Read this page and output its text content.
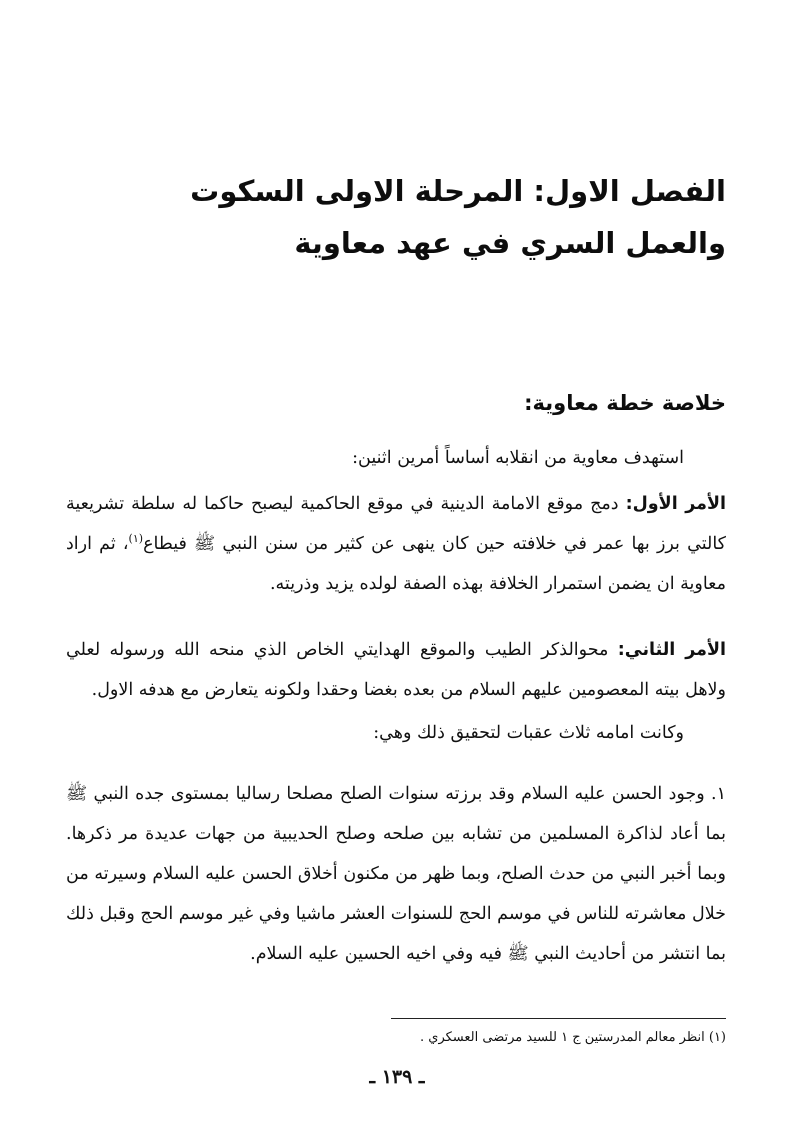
الفصل الاول: المرحلة الاولى السكوت
والعمل السري في عهد معاوية
خلاصة خطة معاوية:

استهدف معاوية من انقلابه أساساً أمرين اثنين:

الأمر الأول: دمج موقع الامامة الدينية في موقع الحاكمية ليصبح حاكما له سلطة تشريعية كالتي برز بها عمر في خلافته حين كان ينهى عن كثير من سنن النبي ﷺ فيطاع$^{(١)}$، ثم اراد معاوية ان يضمن استمرار الخلافة بهذه الصفة لولده يزيد وذريته.

الأمر الثاني: محوالذكر الطيب والموقع الهدايتي الخاص الذي منحه الله ورسوله لعلي ولاهل بيته المعصومين عليهم السلام من بعده بغضا وحقدا ولكونه يتعارض مع هدفه الاول.

وكانت امامه ثلاث عقبات لتحقيق ذلك وهي:

١. وجود الحسن عليه السلام وقد برزته سنوات الصلح مصلحا رساليا بمستوى جده النبي ﷺ بما أعاد لذاكرة المسلمين من تشابه بين صلحه وصلح الحديبية من جهات عديدة مر ذكرها. وبما أخبر النبي من حدث الصلح، وبما ظهر من مكنون أخلاق الحسن عليه السلام وسيرته من خلال معاشرته للناس في موسم الحج للسنوات العشر ماشيا وفي غير موسم الحج وقبل ذلك بما انتشر من أحاديث النبي ﷺ فيه وفي اخيه الحسين عليه السلام.

(١) انظر معالم المدرستين ج ١ للسيد مرتضى العسكري .

ـ ١٣٩ ـ
